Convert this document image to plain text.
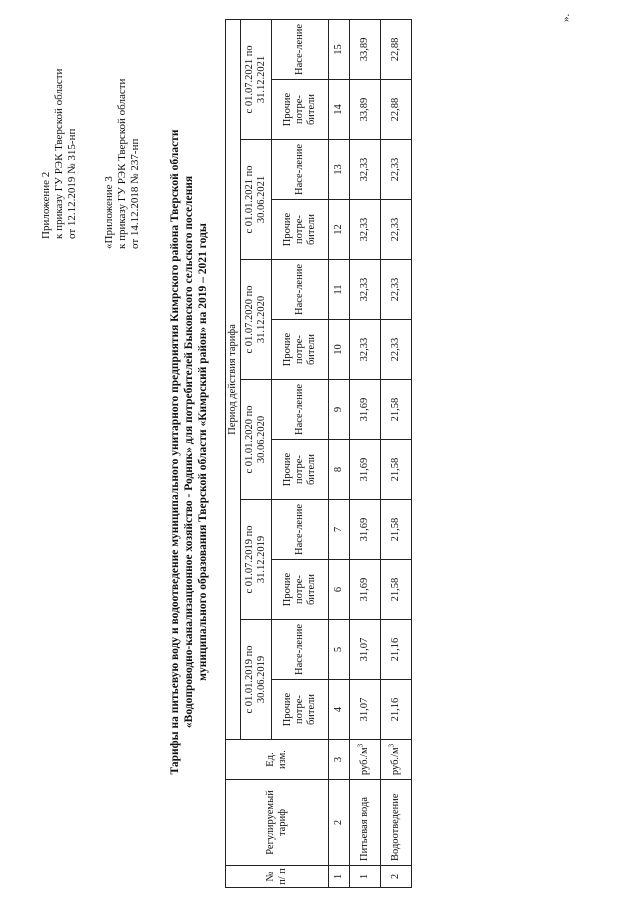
Приложение 2 к приказу ГУ РЭК Тверской области от 12.12.2019 № 315-нп «Приложение 3 к приказу ГУ РЭК Тверской области от 14.12.2018 № 237-нп Тарифы на питьевую воду и водоотведение муниципального унитарного предприятия Кимрского района Тверской области «Водопроводно-канализационное хозяйство - Родник» для потребителей Быковского сельского поселения муниципального образования Тверской области «Кимрский район» на 2019 – 2021 годы
№ п/ п	Регулируемый тариф	Ед. изм.	Период действия тарифа											
			с 01.01.2019 по 30.06.2019		с 01.07.2019 по 31.12.2019		с 01.01.2020 по 30.06.2020		с 01.07.2020 по 31.12.2020		с 01.01.2021 по 30.06.2021		с 01.07.2021 по 31.12.2021	
			Прочие потре-бители	Насе-ление	Прочие потре-бители	Насе-ление	Прочие потре-бители	Насе-ление	Прочие потре-бители	Насе-ление	Прочие потре-бители	Насе-ление	Прочие потре-бители	Насе-ление
1	2	3	4	5	6	7	8	9	10	11	12	13	14	15
1	Питьевая вода	$руб./м^3$	31,07	31,07	31,69	31,69	31,69	31,69	32,33	32,33	32,33	32,33	33,89	33,89
2	Водоотведение	$руб./м^3$	21,16	21,16	21,58	21,58	21,58	21,58	22,33	22,33	22,33	22,33	22,88	22,88
».
